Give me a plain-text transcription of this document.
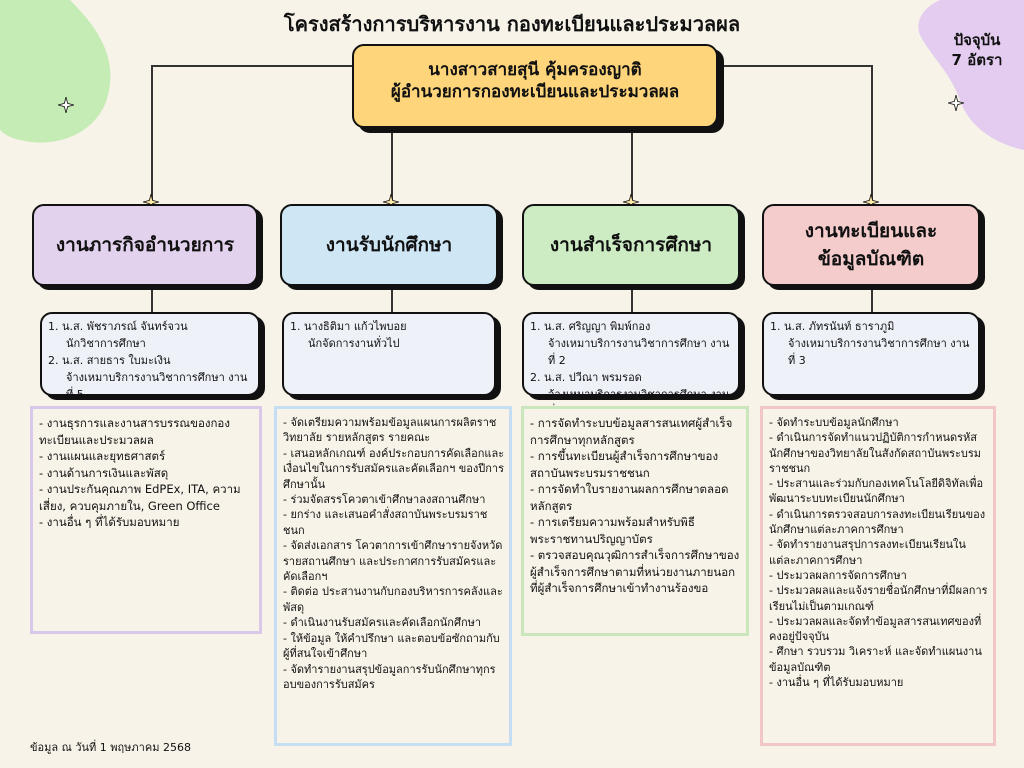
โครงสร้างการบริหารงาน กองทะเบียนและประมวลผล
ปัจจุบัน
7 อัตรา
นางสาวสายสุนี คุ้มครองญาติ
ผู้อำนวยการกองทะเบียนและประมวลผล
งานภารกิจอำนวยการ
1. น.ส. พัชราภรณ์ จันทร์จวน
นักวิชาการศึกษา
2. น.ส. สายธาร ใบมะเงิน
จ้างเหมาบริการงานวิชาการศึกษา งานที่ 5
- งานธุรการและงานสารบรรณของกองทะเบียนและประมวลผล
- งานแผนและยุทธศาสตร์
- งานด้านการเงินและพัสดุ
- งานประกันคุณภาพ EdPEx, ITA, ความเสี่ยง, ควบคุมภายใน, Green Office
- งานอื่น ๆ ที่ได้รับมอบหมาย
งานรับนักศึกษา
1. นางธิติมา แก้วไพบอย
นักจัดการงานทั่วไป
- จัดเตรียมความพร้อมข้อมูลแผนการผลิตราชวิทยาลัย รายหลักสูตร รายคณะ
- เสนอหลักเกณฑ์ องค์ประกอบการคัดเลือกและเงื่อนไขในการรับสมัครและคัดเลือกฯ ของปีการศึกษานั้น
- ร่วมจัดสรรโควตาเข้าศึกษาลงสถานศึกษา
- ยกร่าง และเสนอคำสั่งสถาบันพระบรมราชชนก
- จัดส่งเอกสาร โควตาการเข้าศึกษารายจังหวัดรายสถานศึกษา และประกาศการรับสมัครและคัดเลือกฯ
- ติดต่อ ประสานงานกับกองบริหารการคลังและพัสดุ
- ดำเนินงานรับสมัครและคัดเลือกนักศึกษา
- ให้ข้อมูล ให้คำปรึกษา และตอบข้อซักถามกับผู้ที่สนใจเข้าศึกษา
- จัดทำรายงานสรุปข้อมูลการรับนักศึกษาทุกรอบของการรับสมัคร
งานสำเร็จการศึกษา
1. น.ส. ศริญญา พิมพ์กอง
จ้างเหมาบริการงานวิชาการศึกษา งานที่ 2
2. น.ส. ปวีณา พรมรอด
จ้างเหมาบริการงานวิชาการศึกษา งาน
- การจัดทำระบบข้อมูลสารสนเทศผู้สำเร็จการศึกษาทุกหลักสูตร
- การขึ้นทะเบียนผู้สำเร็จการศึกษาของสถาบันพระบรมราชชนก
- การจัดทำใบรายงานผลการศึกษาตลอดหลักสูตร
- การเตรียมความพร้อมสำหรับพิธีพระราชทานปริญญาบัตร
- ตรวจสอบคุณวุฒิการสำเร็จการศึกษาของผู้สำเร็จการศึกษาตามที่หน่วยงานภายนอกที่ผู้สำเร็จการศึกษาเข้าทำงานร้องขอ
งานทะเบียนและ
ข้อมูลบัณฑิต
1. น.ส. ภัทรนันท์ ธาราภูมิ
จ้างเหมาบริการงานวิชาการศึกษา งานที่ 3
- จัดทำระบบข้อมูลนักศึกษา
- ดำเนินการจัดทำแนวปฏิบัติการกำหนดรหัสนักศึกษาของวิทยาลัยในสังกัดสถาบันพระบรมราชชนก
- ประสานและร่วมกับกองเทคโนโลยีดิจิทัลเพื่อพัฒนาระบบทะเบียนนักศึกษา
- ดำเนินการตรวจสอบการลงทะเบียนเรียนของนักศึกษาแต่ละภาคการศึกษา
- จัดทำรายงานสรุปการลงทะเบียนเรียนในแต่ละภาคการศึกษา
- ประมวลผลการจัดการศึกษา
- ประมวลผลและแจ้งรายชื่อนักศึกษาที่มีผลการเรียนไม่เป็นตามเกณฑ์
- ประมวลผลและจัดทำข้อมูลสารสนเทศของที่คงอยู่ปัจจุบัน
- ศึกษา รวบรวม วิเคราะห์ และจัดทำแผนงานข้อมูลบัณฑิต
- งานอื่น ๆ ที่ได้รับมอบหมาย
ข้อมูล ณ วันที่ 1 พฤษภาคม 2568
